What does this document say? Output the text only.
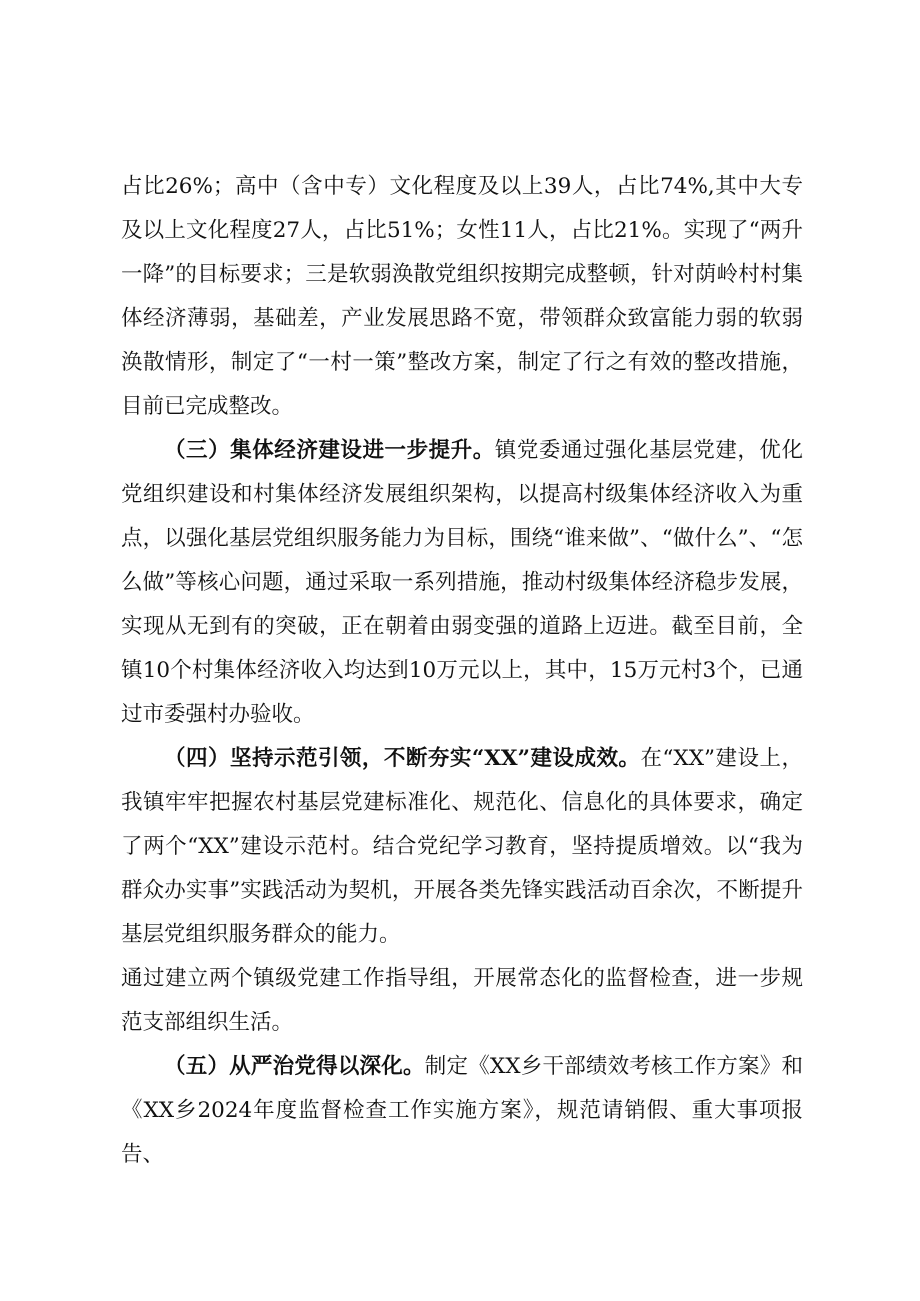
占比26%；高中（含中专）文化程度及以上39人，占比74%,其中大专及以上文化程度27人，占比51%；女性11人，占比21%。实现了“两升一降”的目标要求；三是软弱涣散党组织按期完成整顿，针对荫岭村村集体经济薄弱，基础差，产业发展思路不宽，带领群众致富能力弱的软弱涣散情形，制定了“一村一策”整改方案，制定了行之有效的整改措施，目前已完成整改。

（三）集体经济建设进一步提升。镇党委通过强化基层党建，优化党组织建设和村集体经济发展组织架构，以提高村级集体经济收入为重点，以强化基层党组织服务能力为目标，围绕“谁来做”、“做什么”、“怎么做”等核心问题，通过采取一系列措施，推动村级集体经济稳步发展，实现从无到有的突破，正在朝着由弱变强的道路上迈进。截至目前，全镇10个村集体经济收入均达到10万元以上，其中，15万元村3个，已通过市委强村办验收。

（四）坚持示范引领，不断夯实“XX”建设成效。在“XX”建设上，我镇牢牢把握农村基层党建标准化、规范化、信息化的具体要求，确定了两个“XX”建设示范村。结合党纪学习教育，坚持提质增效。以“我为群众办实事”实践活动为契机，开展各类先锋实践活动百余次，不断提升基层党组织服务群众的能力。

通过建立两个镇级党建工作指导组，开展常态化的监督检查，进一步规范支部组织生活。

（五）从严治党得以深化。制定《XX乡干部绩效考核工作方案》和《XX乡2024年度监督检查工作实施方案》，规范请销假、重大事项报告、
